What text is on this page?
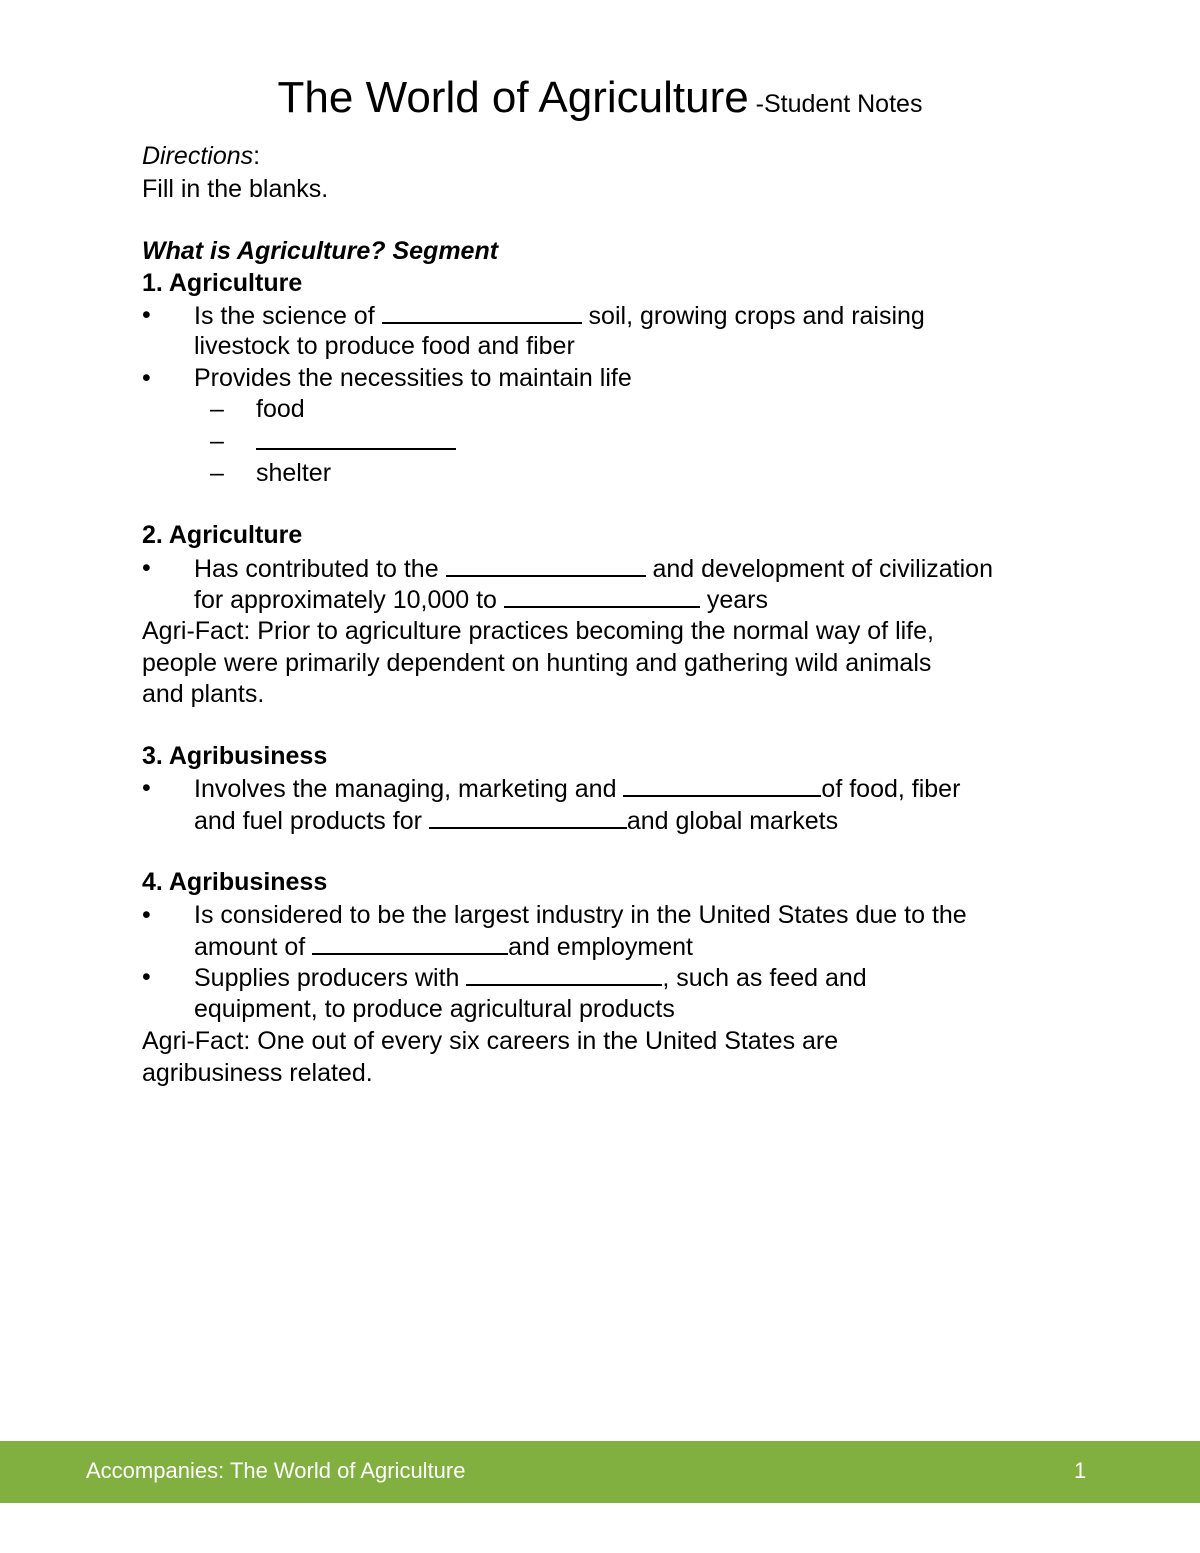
The World of Agriculture -Student Notes
Directions:
Fill in the blanks.
What is Agriculture? Segment
1. Agriculture
• Is the science of	soil, growing crops and raising
livestock to produce food and fiber
• Provides the necessities to maintain life
– food
–
– shelter
2. Agriculture
• Has contributed to the	and development of civilization
for approximately 10,000 to	years
Agri-Fact: Prior to agriculture practices becoming the normal way of life,
people were primarily dependent on hunting and gathering wild animals
and plants.
3. Agribusiness
• Involves the managing, marketing and	of food, fiber
and fuel products for	and global markets
4. Agribusiness
• Is considered to be the largest industry in the United States due to the
amount of	and employment
• Supplies producers with	, such as feed and
equipment, to produce agricultural products
Agri-Fact: One out of every six careers in the United States are
agribusiness related.
Accompanies: The World of Agriculture	1
